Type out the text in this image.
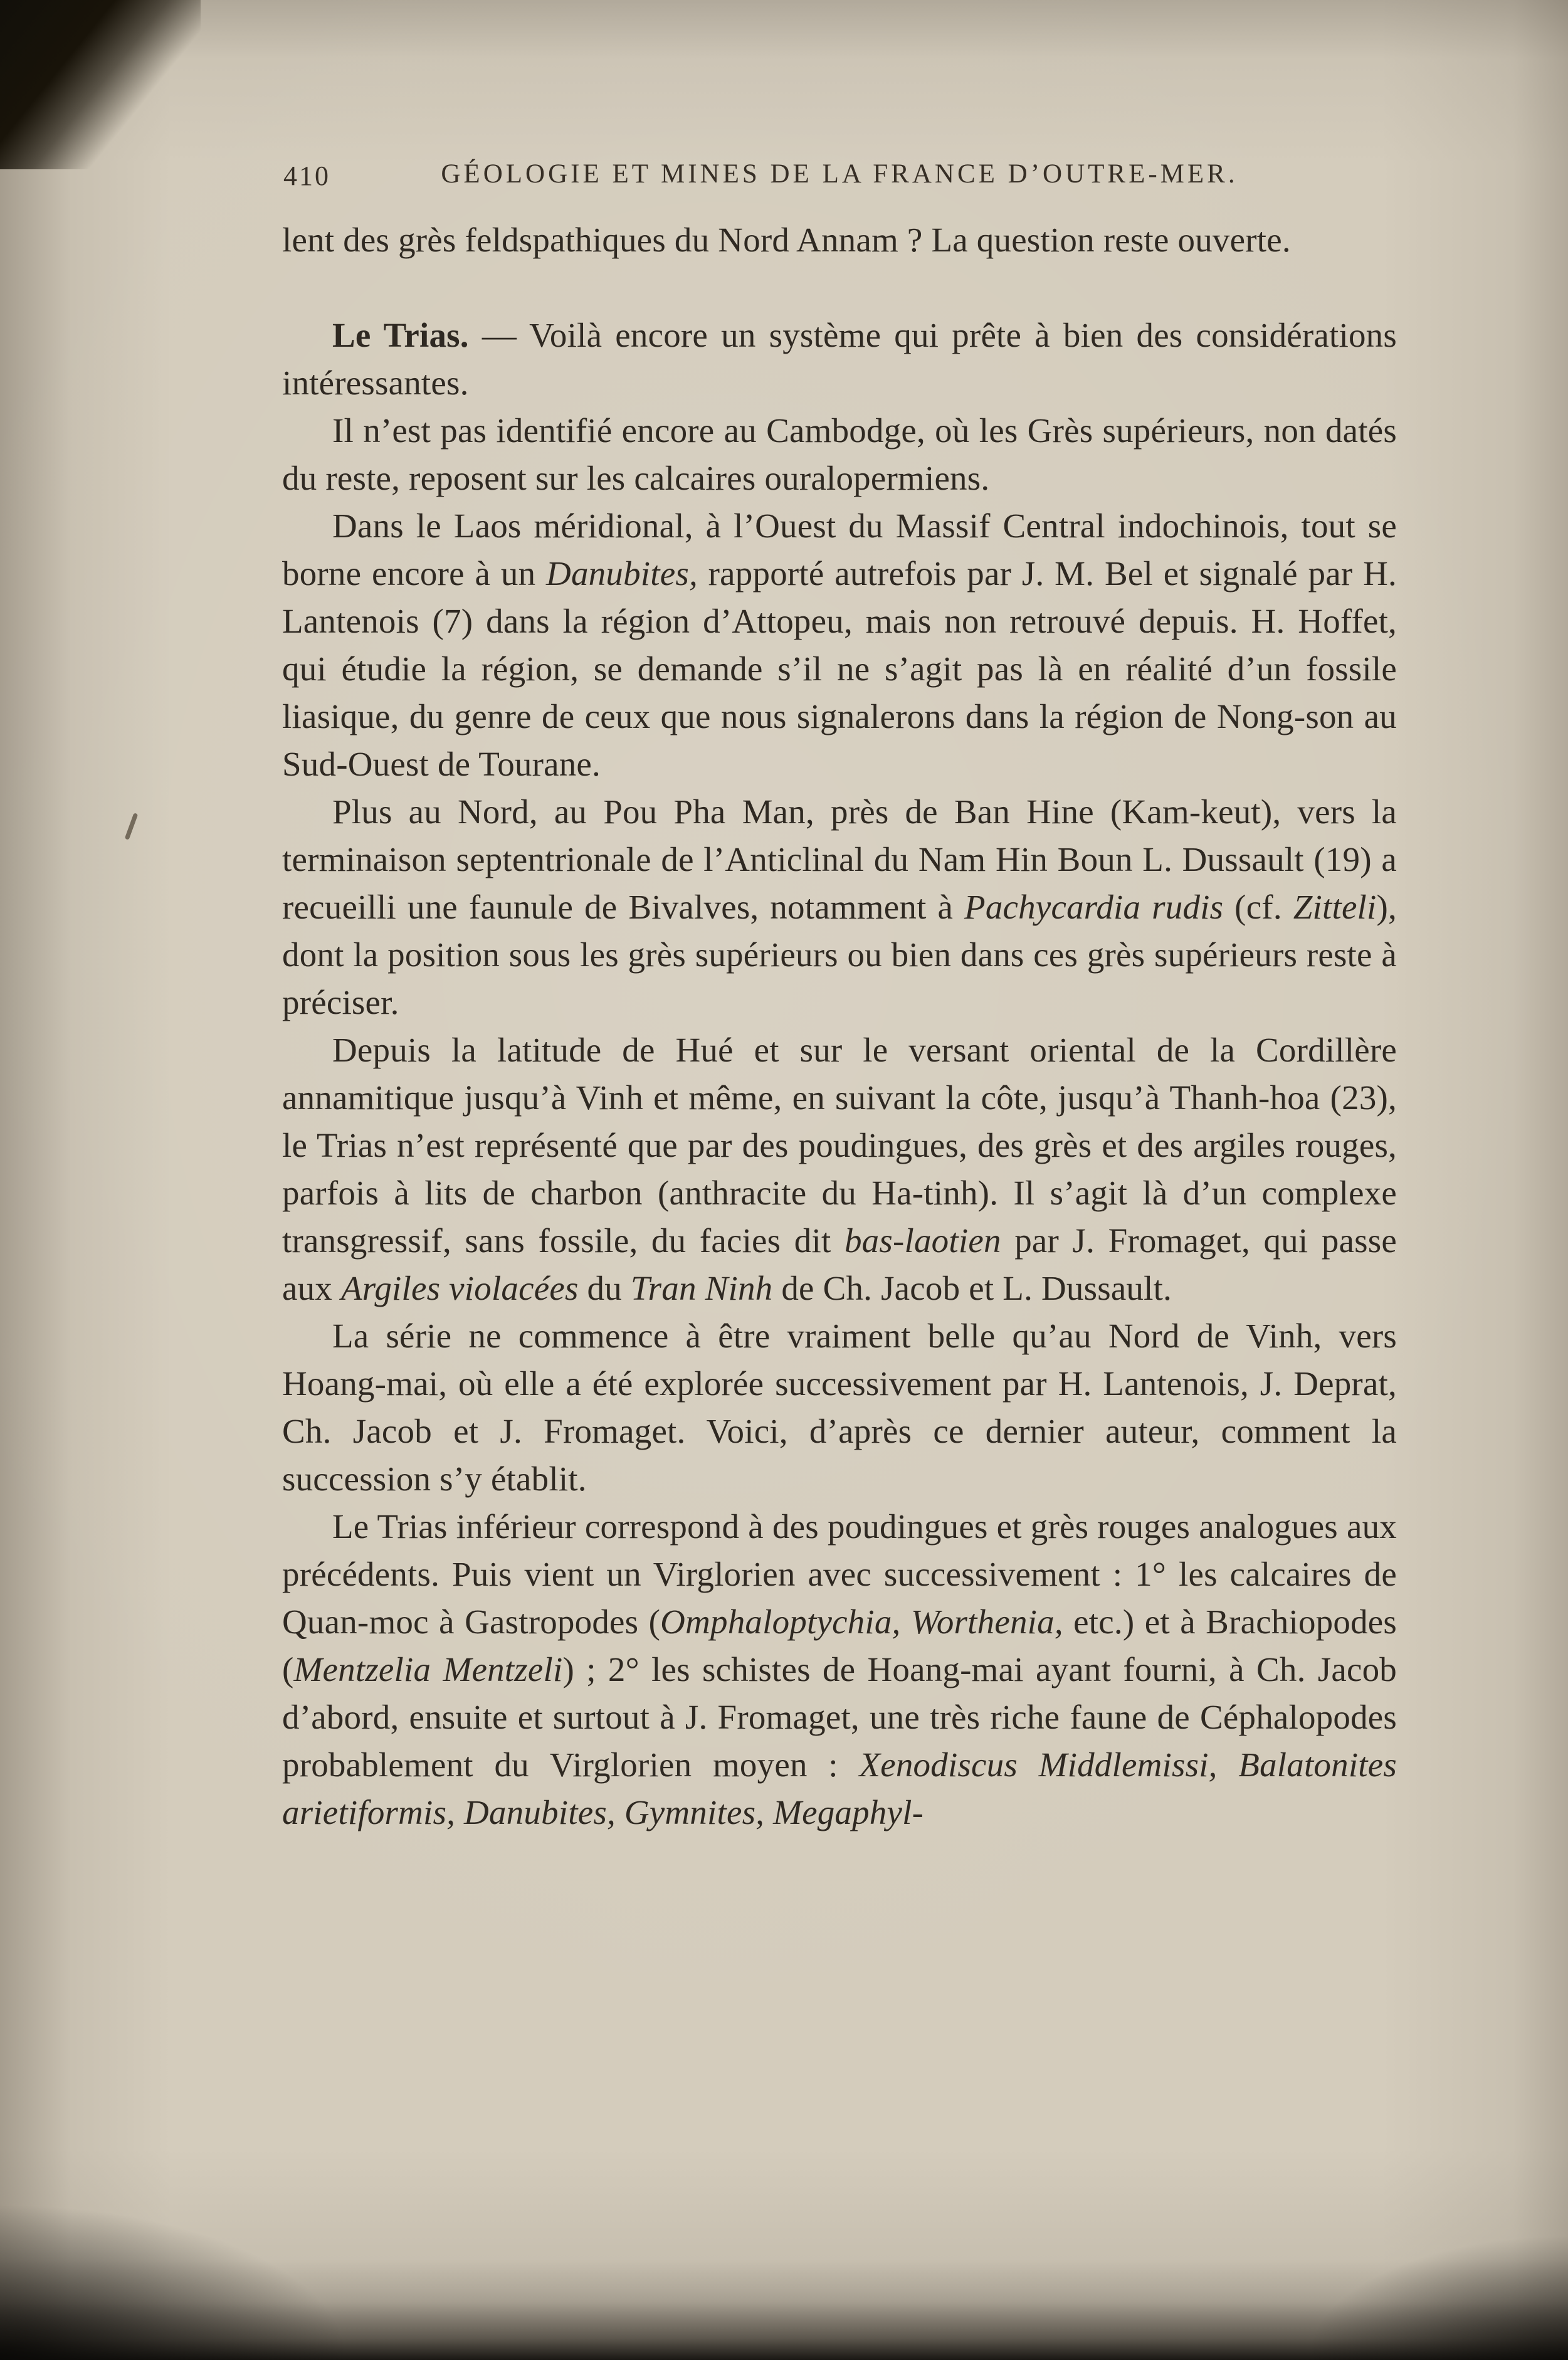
410	GÉOLOGIE ET MINES DE LA FRANCE D’OUTRE-MER.

lent des grès feldspathiques du Nord Annam ? La question reste ouverte.

Le Trias. — Voilà encore un système qui prête à bien des considérations intéressantes.

Il n’est pas identifié encore au Cambodge, où les Grès supérieurs, non datés du reste, reposent sur les calcaires ouralopermiens.

Dans le Laos méridional, à l’Ouest du Massif Central indochinois, tout se borne encore à un Danubites, rapporté autrefois par J. M. Bel et signalé par H. Lantenois (7) dans la région d’Attopeu, mais non retrouvé depuis. H. Hoffet, qui étudie la région, se demande s’il ne s’agit pas là en réalité d’un fossile liasique, du genre de ceux que nous signalerons dans la région de Nong-son au Sud-Ouest de Tourane.

Plus au Nord, au Pou Pha Man, près de Ban Hine (Kam-keut), vers la terminaison septentrionale de l’Anticlinal du Nam Hin Boun L. Dussault (19) a recueilli une faunule de Bivalves, notamment à Pachycardia rudis (cf. Zitteli), dont la position sous les grès supérieurs ou bien dans ces grès supérieurs reste à préciser.

Depuis la latitude de Hué et sur le versant oriental de la Cordillère annamitique jusqu’à Vinh et même, en suivant la côte, jusqu’à Thanh-hoa (23), le Trias n’est représenté que par des poudingues, des grès et des argiles rouges, parfois à lits de charbon (anthracite du Ha-tinh). Il s’agit là d’un complexe transgressif, sans fossile, du facies dit bas-laotien par J. Fromaget, qui passe aux Argiles violacées du Tran Ninh de Ch. Jacob et L. Dussault.

La série ne commence à être vraiment belle qu’au Nord de Vinh, vers Hoang-mai, où elle a été explorée successivement par H. Lantenois, J. Deprat, Ch. Jacob et J. Fromaget. Voici, d’après ce dernier auteur, comment la succession s’y établit.

Le Trias inférieur correspond à des poudingues et grès rouges analogues aux précédents. Puis vient un Virglorien avec successivement : 1° les calcaires de Quan-moc à Gastropodes (Omphaloptychia, Worthenia, etc.) et à Brachiopodes (Mentzelia Mentzeli) ; 2° les schistes de Hoang-mai ayant fourni, à Ch. Jacob d’abord, ensuite et surtout à J. Fromaget, une très riche faune de Céphalopodes probablement du Virglorien moyen : Xenodiscus Middlemissi, Balatonites arietiformis, Danubites, Gymnites, Megaphyl-
